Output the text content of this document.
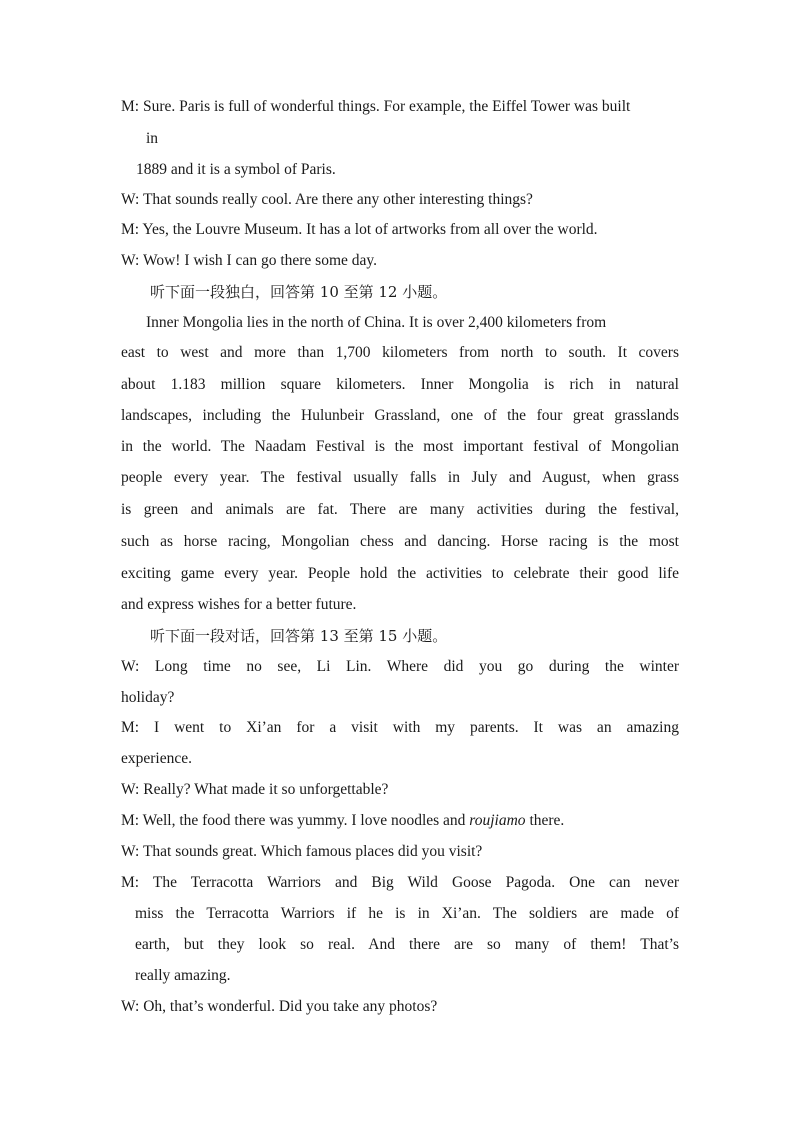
M: Sure. Paris is full of wonderful things. For example, the Eiffel Tower was built
in
1889 and it is a symbol of Paris.
W: That sounds really cool. Are there any other interesting things?
M: Yes, the Louvre Museum. It has a lot of artworks from all over the world.
W: Wow! I wish I can go there some day.
听下面一段独白，回答第 10 至第 12 小题。
Inner Mongolia lies in the north of China. It is over 2,400 kilometers from
east to west and more than 1,700 kilometers from north to south. It covers
about 1.183 million square kilometers. Inner Mongolia is rich in natural
landscapes, including the Hulunbeir Grassland, one of the four great grasslands
in the world. The Naadam Festival is the most important festival of Mongolian
people every year. The festival usually falls in July and August, when grass
is green and animals are fat. There are many activities during the festival,
such as horse racing, Mongolian chess and dancing. Horse racing is the most
exciting game every year. People hold the activities to celebrate their good life
and express wishes for a better future.
听下面一段对话，回答第 13 至第 15 小题。
W: Long time no see, Li Lin. Where did you go during the winter
holiday?
M: I went to Xi’an for a visit with my parents. It was an amazing
experience.
W: Really? What made it so unforgettable?
M: Well, the food there was yummy. I love noodles and roujiamo there.
W: That sounds great. Which famous places did you visit?
M: The Terracotta Warriors and Big Wild Goose Pagoda. One can never
miss the Terracotta Warriors if he is in Xi’an. The soldiers are made of
earth, but they look so real. And there are so many of them! That’s
really amazing.
W: Oh, that’s wonderful. Did you take any photos?
